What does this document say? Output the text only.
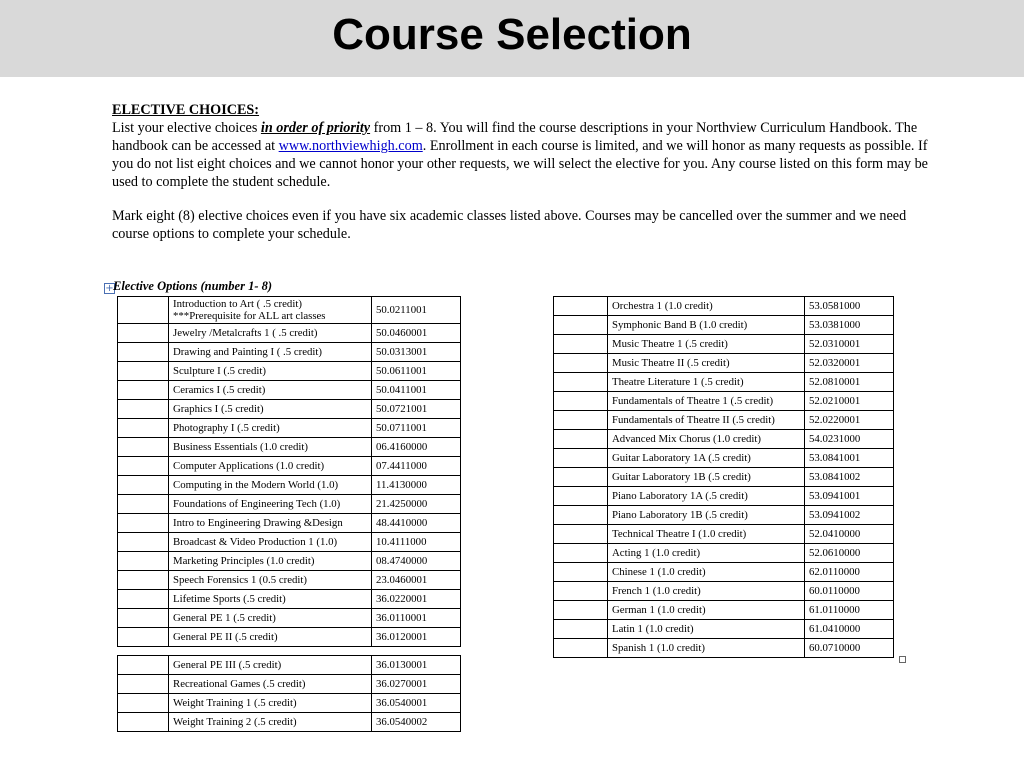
Course Selection
ELECTIVE CHOICES:
List your elective choices in order of priority from 1 – 8. You will find the course descriptions in your Northview Curriculum Handbook. The handbook can be accessed at www.northviewhigh.com. Enrollment in each course is limited, and we will honor as many requests as possible. If you do not list eight choices and we cannot honor your other requests, we will select the elective for you. Any course listed on this form may be used to complete the student schedule.
Mark eight (8) elective choices even if you have six academic classes listed above. Courses may be cancelled over the summer and we need course options to complete your schedule.
+ Elective Options (number 1- 8)

	Introduction to Art ( .5 credit)
***Prerequisite for ALL art classes	50.0211001
	Jewelry /Metalcrafts 1 ( .5 credit)	50.0460001
	Drawing and Painting I ( .5 credit)	50.0313001
	Sculpture I (.5 credit)	50.0611001
	Ceramics I (.5 credit)	50.0411001
	Graphics I (.5 credit)	50.0721001
	Photography I (.5 credit)	50.0711001
	Business Essentials (1.0 credit)	06.4160000
	Computer Applications (1.0 credit)	07.4411000
	Computing in the Modern World (1.0)	11.4130000
	Foundations of Engineering Tech (1.0)	21.4250000
	Intro to Engineering Drawing &Design	48.4410000
	Broadcast & Video Production 1 (1.0)	10.4111000
	Marketing Principles (1.0 credit)	08.4740000
	Speech Forensics 1 (0.5 credit)	23.0460001
	Lifetime Sports (.5 credit)	36.0220001
	General PE 1 (.5 credit)	36.0110001
	General PE II (.5 credit)	36.0120001
	General PE III (.5 credit)	36.0130001
	Recreational Games (.5 credit)	36.0270001
	Weight Training 1 (.5 credit)	36.0540001
	Weight Training 2 (.5 credit)	36.0540002
	Orchestra 1 (1.0 credit)	53.0581000
	Symphonic Band B (1.0 credit)	53.0381000
	Music Theatre 1 (.5 credit)	52.0310001
	Music Theatre II (.5 credit)	52.0320001
	Theatre Literature 1 (.5 credit)	52.0810001
	Fundamentals of Theatre 1 (.5 credit)	52.0210001
	Fundamentals of Theatre II (.5 credit)	52.0220001
	Advanced Mix Chorus (1.0 credit)	54.0231000
	Guitar Laboratory 1A (.5 credit)	53.0841001
	Guitar Laboratory 1B (.5 credit)	53.0841002
	Piano Laboratory 1A (.5 credit)	53.0941001
	Piano Laboratory 1B (.5 credit)	53.0941002
	Technical Theatre I (1.0 credit)	52.0410000
	Acting 1 (1.0 credit)	52.0610000
	Chinese 1 (1.0 credit)	62.0110000
	French 1 (1.0 credit)	60.0110000
	German 1 (1.0 credit)	61.0110000
	Latin 1 (1.0 credit)	61.0410000
	Spanish 1 (1.0 credit)	60.0710000
